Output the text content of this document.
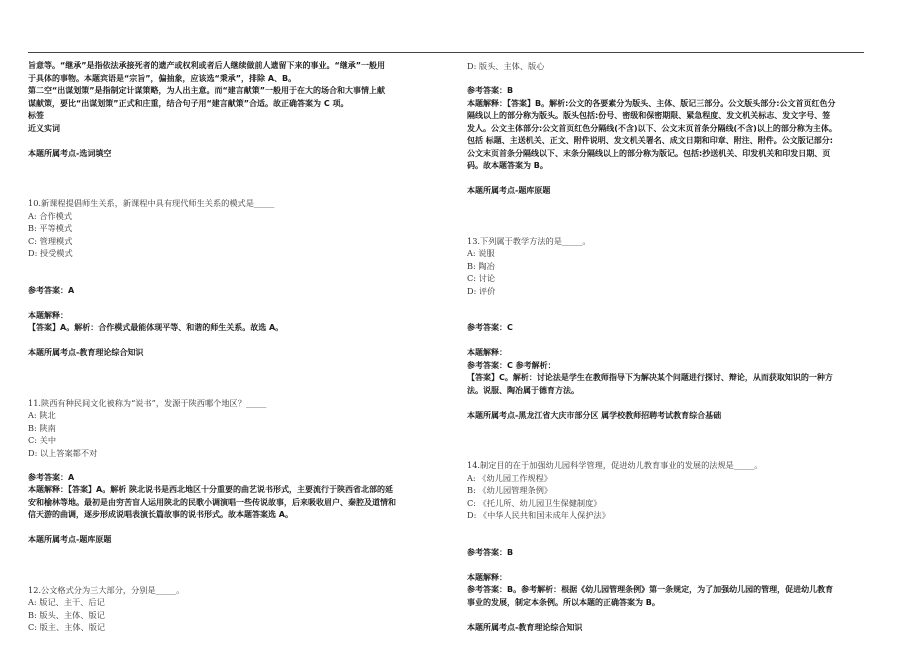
旨意等。“继承”是指依法承接死者的遗产或权利或者后人继续做前人遗留下来的事业。“继承”一般用
于具体的事物。本题宾语是“宗旨”，偏抽象，应该选“秉承”，排除 A、B。
第二空“出谋划策”是指制定计谋策略，为人出主意。而“建言献策”一般用于在大的场合和大事情上献
谋献策，要比“出谋划策”正式和庄重，结合句子用“建言献策”合适。故正确答案为 C 项。
标签
近义实词
本题所属考点-选词填空
10.新课程提倡师生关系，新课程中具有现代师生关系的模式是_____
A: 合作模式
B: 平等模式
C: 管理模式
D: 授受模式
参考答案：A
本题解释：
【答案】A。解析：合作模式最能体现平等、和谐的师生关系。故选 A。
本题所属考点-教育理论综合知识
11.陕西有种民间文化被称为“说书”，发源于陕西哪个地区？_____
A: 陕北
B: 陕南
C: 关中
D: 以上答案都不对
参考答案：A
本题解释：【答案】A。解析 陕北说书是西北地区十分重要的曲艺说书形式，主要流行于陕西省北部的延
安和榆林等地。最初是由穷苦盲人运用陕北的民歌小调演唱一些传说故事，后来吸收眉户、秦腔及道情和
信天游的曲调，逐步形成说唱表演长篇故事的说书形式。故本题答案选 A。
本题所属考点-题库原题
12.公文格式分为三大部分，分别是_____。
A: 版记、主干、后记
B: 版头、主体、版记
C: 版主、主体、版记
D: 版头、主体、版心
参考答案：B
本题解释：【答案】B。解析:公文的各要素分为版头、主体、版记三部分。公文版头部分:公文首页红色分
隔线以上的部分称为版头。版头包括:份号、密级和保密期限、紧急程度、发文机关标志、发文字号、签
发人。公文主体部分:公文首页红色分隔线(不含)以下、公文末页首条分隔线(不含)以上的部分称为主体。
包括 标题、主送机关、正文、附件说明、发文机关署名、成文日期和印章、附注、附件。公文版记部分:
公文末页首条分隔线以下、末条分隔线以上的部分称为版记。包括:抄送机关、印发机关和印发日期、页
码。故本题答案为 B。
本题所属考点-题库原题
13.下列属于教学方法的是_____。
A: 说服
B: 陶冶
C: 讨论
D: 评价
参考答案：C
本题解释：
参考答案：C 参考解析：
【答案】C。解析：讨论法是学生在教师指导下为解决某个问题进行探讨、辩论，从而获取知识的一种方
法。说服、陶冶属于德育方法。
本题所属考点-黑龙江省大庆市部分区 属学校教师招聘考试教育综合基础
14.制定目的在于加强幼儿园科学管理，促进幼儿教育事业的发展的法规是_____。
A: 《幼儿园工作规程》
B: 《幼儿园管理条例》
C: 《托儿所、幼儿园卫生保健制度》
D: 《中华人民共和国未成年人保护法》
参考答案：B
本题解释：
参考答案：B。参考解析：根据《幼儿园管理条例》第一条规定，为了加强幼儿园的管理，促进幼儿教育
事业的发展，制定本条例。所以本题的正确答案为 B。
本题所属考点-教育理论综合知识
